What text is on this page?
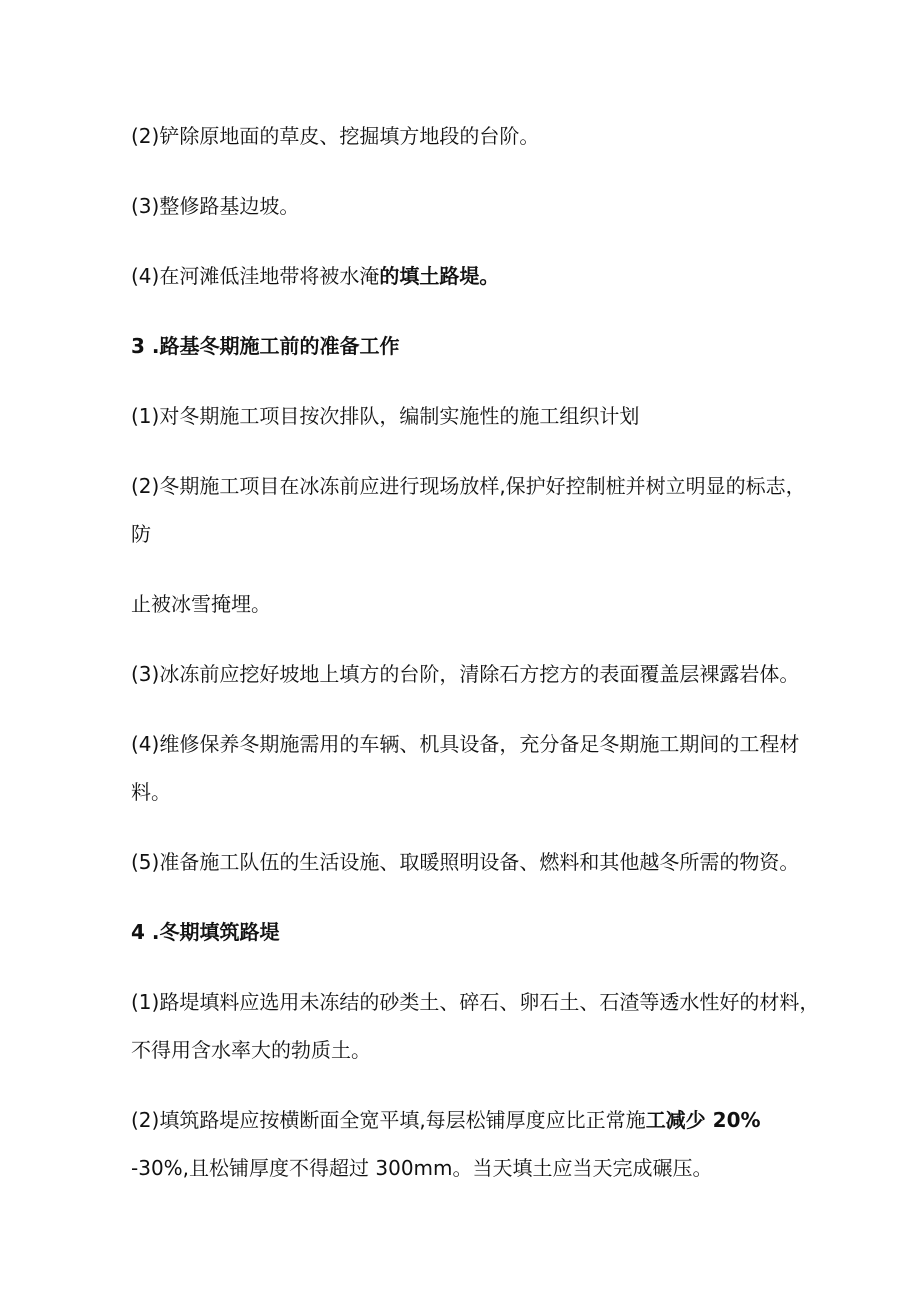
(2)铲除原地面的草皮、挖掘填方地段的台阶。

(3)整修路基边坡。

(4)在河滩低洼地带将被水淹的填土路堤。

3 .路基冬期施工前的准备工作

(1)对冬期施工项目按次排队，编制实施性的施工组织计划

(2)冬期施工项目在冰冻前应进行现场放样,保护好控制桩并树立明显的标志，

防

止被冰雪掩埋。

(3)冰冻前应挖好坡地上填方的台阶，清除石方挖方的表面覆盖层裸露岩体。

(4)维修保养冬期施需用的车辆、机具设备，充分备足冬期施工期间的工程材

料。

(5)准备施工队伍的生活设施、取暖照明设备、燃料和其他越冬所需的物资。

4 .冬期填筑路堤

(1)路堤填料应选用未冻结的砂类土、碎石、卵石土、石渣等透水性好的材料，

不得用含水率大的勃质土。

(2)填筑路堤应按横断面全宽平填,每层松铺厚度应比正常施工减少 20%

-30%,且松铺厚度不得超过 300mm。当天填土应当天完成碾压。
